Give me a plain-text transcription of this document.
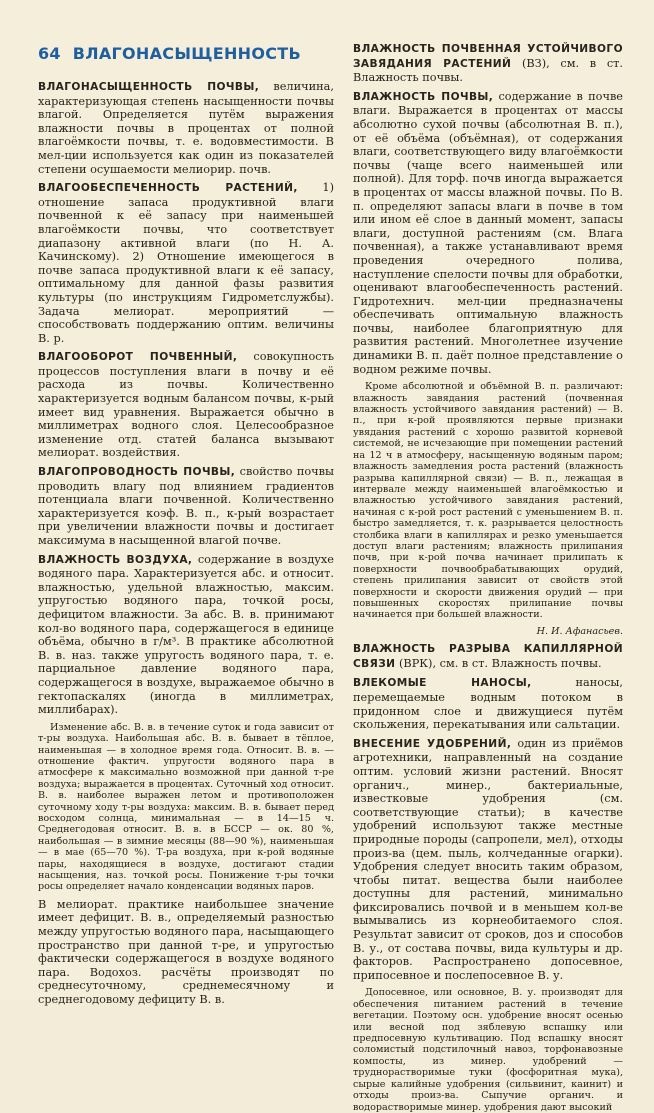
64 ВЛАГОНАСЫЩЕННОСТЬ

ВЛАГОНАСЫЩЕННОСТЬ ПОЧВЫ, величина, характеризующая степень насыщенности почвы влагой. Определяется путём выражения влажности почвы в процентах от полной влагоёмкости почвы, т. е. водовместимости. В мел-ции используется как один из показателей степени осушаемости мелиорир. почв.

ВЛАГООБЕСПЕЧЕННОСТЬ РАСТЕНИЙ, 1) отношение запаса продуктивной влаги почвенной к её запасу при наименьшей влагоёмкости почвы, что соответствует диапазону активной влаги (по Н. А. Качинскому). 2) Отношение имеющегося в почве запаса продуктивной влаги к её запасу, оптимальному для данной фазы развития культуры (по инструкциям Гидрометслужбы). Задача мелиорат. мероприятий — способствовать поддержанию оптим. величины В. р.

ВЛАГООБОРОТ ПОЧВЕННЫЙ, совокупность процессов поступления влаги в почву и её расхода из почвы. Количественно характеризуется водным балансом почвы, к-рый имеет вид уравнения. Выражается обычно в миллиметрах водного слоя. Целесообразное изменение отд. статей баланса вызывают мелиорат. воздействия.

ВЛАГОПРОВОДНОСТЬ ПОЧВЫ, свойство почвы проводить влагу под влиянием градиентов потенциала влаги почвенной. Количественно характеризуется коэф. В. п., к-рый возрастает при увеличении влажности почвы и достигает максимума в насыщенной влагой почве.

ВЛАЖНОСТЬ ВОЗДУХА, содержание в воздухе водяного пара. Характеризуется абс. и относит. влажностью, удельной влажностью, максим. упругостью водяного пара, точкой росы, дефицитом влажности. За абс. В. в. принимают кол-во водяного пара, содержащегося в единице объёма, обычно в г/м³. В практике абсолютной В. в. наз. также упругость водяного пара, т. е. парциальное давление водяного пара, содержащегося в воздухе, выражаемое обычно в гектопаскалях (иногда в миллиметрах, миллибарах).

Изменение абс. В. в. в течение суток и года зависит от т-ры воздуха. Наибольшая абс. В. в. бывает в тёплое, наименьшая — в холодное время года. Относит. В. в. — отношение фактич. упругости водяного пара в атмосфере к максимально возможной при данной т-ре воздуха; выражается в процентах. Суточный ход относит. В. в. наиболее выражен летом и противоположен суточному ходу т-ры воздуха: максим. В. в. бывает перед восходом солнца, минимальная — в 14—15 ч. Среднегодовая относит. В. в. в БССР — ок. 80 %, наибольшая — в зимние месяцы (88—90 %), наименьшая — в мае (65—70 %). Т-ра воздуха, при к-рой водяные пары, находящиеся в воздухе, достигают стадии насыщения, наз. точкой росы. Понижение т-ры точки росы определяет начало конденсации водяных паров.

В мелиорат. практике наибольшее значение имеет дефицит. В. в., определяемый разностью между упругостью водяного пара, насыщающего пространство при данной т-ре, и упругостью фактически содержащегося в воздухе водяного пара. Водохоз. расчёты производят по среднесуточному, среднемесячному и среднегодовому дефициту В. в.

ВЛАЖНОСТЬ ПОЧВЕННАЯ УСТОЙЧИВОГО ЗАВЯДАНИЯ РАСТЕНИЙ (ВЗ), см. в ст. Влажность почвы.

ВЛАЖНОСТЬ ПОЧВЫ, содержание в почве влаги. Выражается в процентах от массы абсолютно сухой почвы (абсолютная В. п.), от её объёма (объёмная), от содержания влаги, соответствующего виду влагоёмкости почвы (чаще всего наименьшей или полной). Для торф. почв иногда выражается в процентах от массы влажной почвы. По В. п. определяют запасы влаги в почве в том или ином её слое в данный момент, запасы влаги, доступной растениям (см. Влага почвенная), а также устанавливают время проведения очередного полива, наступление спелости почвы для обработки, оценивают влагообеспеченность растений. Гидротехнич. мел-ции предназначены обеспечивать оптимальную влажность почвы, наиболее благоприятную для развития растений. Многолетнее изучение динамики В. п. даёт полное представление о водном режиме почвы.

Кроме абсолютной и объёмной В. п. различают: влажность завядания растений (почвенная влажность устойчивого завядания растений) — В. п., при к-рой проявляются первые признаки увядания растений с хорошо развитой корневой системой, не исчезающие при помещении растений на 12 ч в атмосферу, насыщенную водяным паром; влажность замедления роста растений (влажность разрыва капиллярной связи) — В. п., лежащая в интервале между наименьшей влагоёмкостью и влажностью устойчивого завядания растений, начиная с к-рой рост растений с уменьшением В. п. быстро замедляется, т. к. разрывается целостность столбика влаги в капиллярах и резко уменьшается доступ влаги растениям; влажность прилипания почв, при к-рой почва начинает прилипать к поверхности почвообрабатывающих орудий, степень прилипания зависит от свойств этой поверхности и скорости движения орудий — при повышенных скоростях прилипание почвы начинается при большей влажности.

Н. И. Афанасьев.

ВЛАЖНОСТЬ РАЗРЫВА КАПИЛЛЯРНОЙ СВЯЗИ (ВРК), см. в ст. Влажность почвы.

ВЛЕКОМЫЕ НАНОСЫ, наносы, перемещаемые водным потоком в придонном слое и движущиеся путём скольжения, перекатывания или сальтации.

ВНЕСЕНИЕ УДОБРЕНИЙ, один из приёмов агротехники, направленный на создание оптим. условий жизни растений. Вносят органич., минер., бактериальные, известковые удобрения (см. соответствующие статьи); в качестве удобрений используют также местные природные породы (сапропели, мел), отходы произ-ва (цем. пыль, колчеданные огарки). Удобрения следует вносить таким образом, чтобы питат. вещества были наиболее доступны для растений, минимально фиксировались почвой и в меньшем кол-ве вымывались из корнеобитаемого слоя. Результат зависит от сроков, доз и способов В. у., от состава почвы, вида культуры и др. факторов. Распространено допосевное, припосевное и послепосевное В. у.

Допосевное, или основное, В. у. производят для обеспечения питанием растений в течение вегетации. Поэтому осн. удобрение вносят осенью или весной под зяблевую вспашку или предпосевную культивацию. Под вспашку вносят соломистый подстилочный навоз, торфонавозные компосты, из минер. удобрений — труднорастворимые туки (фосфоритная мука), сырые калийные удобрения (сильвинит, каинит) и отходы произ-ва. Сыпучие органич. и водорастворимые минер. удобрения дают высокий
